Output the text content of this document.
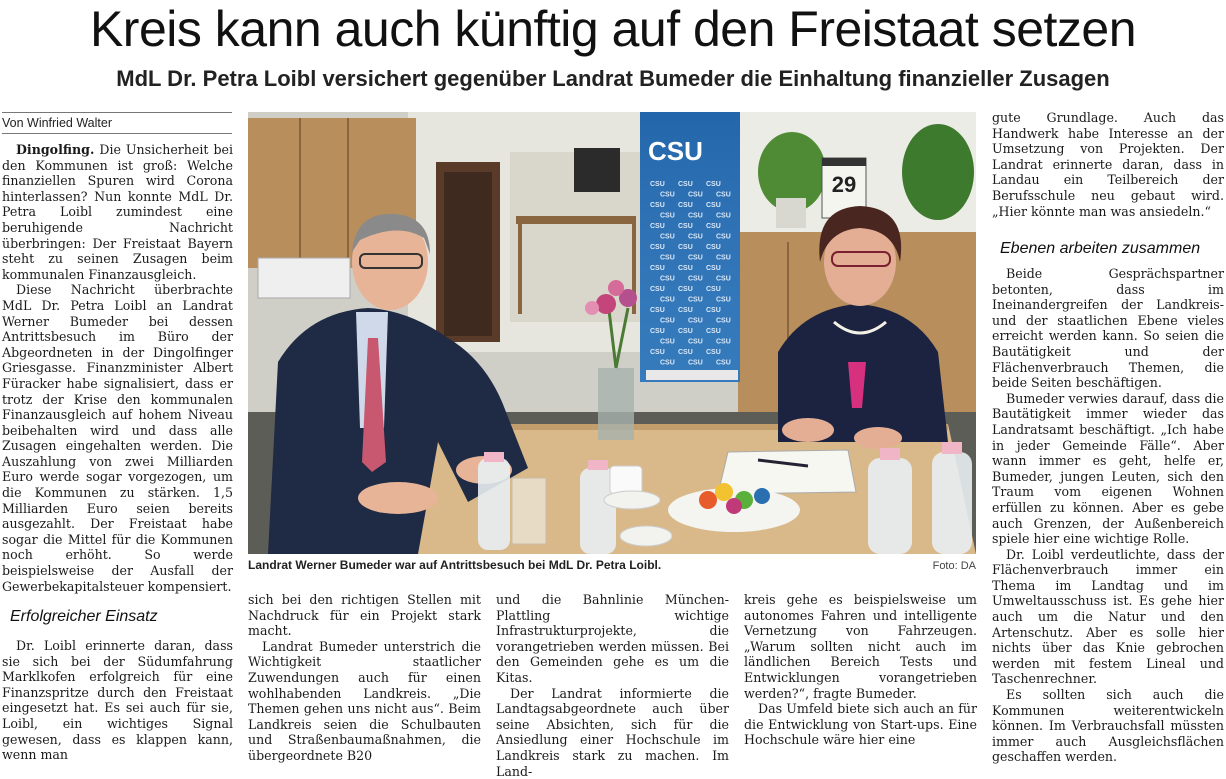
Kreis kann auch künftig auf den Freistaat setzen
MdL Dr. Petra Loibl versichert gegenüber Landrat Bumeder die Einhaltung finanzieller Zusagen
Von Winfried Walter

Dingolfing. Die Unsicherheit bei den Kommunen ist groß: Welche finanziellen Spuren wird Corona hinterlassen? Nun konnte MdL Dr. Petra Loibl zumindest eine beruhigende Nachricht überbringen: Der Freistaat Bayern steht zu seinen Zusagen beim kommunalen Finanzausgleich.

Diese Nachricht überbrachte MdL Dr. Petra Loibl an Landrat Werner Bumeder bei dessen Antrittsbesuch im Büro der Abgeordneten in der Dingolfinger Griesgasse. Finanzminister Albert Füracker habe signalisiert, dass er trotz der Krise den kommunalen Finanzausgleich auf hohem Niveau beibehalten wird und dass alle Zusagen eingehalten werden. Die Auszahlung von zwei Milliarden Euro werde sogar vorgezogen, um die Kommunen zu stärken. 1,5 Milliarden Euro seien bereits ausgezahlt. Der Freistaat habe sogar die Mittel für die Kommunen noch erhöht. So werde beispielsweise der Ausfall der Gewerbekapitalsteuer kompensiert.

Erfolgreicher Einsatz

Dr. Loibl erinnerte daran, dass sie sich bei der Südumfahrung Marklkofen erfolgreich für eine Finanzspritze durch den Freistaat eingesetzt hat. Es sei auch für sie, Loibl, ein wichtiges Signal gewesen, dass es klappen kann, wenn man

CSU
CSU CSU CSU
CSU CSU CSU
CSU CSU CSU
CSU CSU CSU
CSU CSU CSU
CSU CSU CSU
CSU CSU CSU
CSU CSU CSU
CSU CSU CSU
CSU CSU CSU
CSU CSU CSU
CSU CSU CSU
CSU CSU CSU
CSU CSU CSU
CSU CSU CSU
CSU CSU CSU
CSU CSU CSU
CSU CSU CSU
29
Landrat Werner Bumeder war auf Antrittsbesuch bei MdL Dr. Petra Loibl.	Foto: DA

sich bei den richtigen Stellen mit Nachdruck für ein Projekt stark macht.

Landrat Bumeder unterstrich die Wichtigkeit staatlicher Zuwendungen auch für einen wohlhabenden Landkreis. „Die Themen gehen uns nicht aus“. Beim Landkreis seien die Schulbauten und Straßenbaumaßnahmen, die übergeordnete B20

und die Bahnlinie München-Plattling wichtige Infrastrukturprojekte, die vorangetrieben werden müssen. Bei den Gemeinden gehe es um die Kitas.

Der Landrat informierte die Landtagsabgeordnete auch über seine Absichten, sich für die Ansiedlung einer Hochschule im Landkreis stark zu machen. Im Land-

kreis gehe es beispielsweise um autonomes Fahren und intelligente Vernetzung von Fahrzeugen. „Warum sollten nicht auch im ländlichen Bereich Tests und Entwicklungen vorangetrieben werden?“, fragte Bumeder.

Das Umfeld biete sich auch an für die Entwicklung von Start-ups. Eine Hochschule wäre hier eine

gute Grundlage. Auch das Handwerk habe Interesse an der Umsetzung von Projekten. Der Landrat erinnerte daran, dass in Landau ein Teilbereich der Berufsschule neu gebaut wird. „Hier könnte man was ansiedeln.“

Ebenen arbeiten zusammen

Beide Gesprächspartner betonten, dass im Ineinandergreifen der Landkreis- und der staatlichen Ebene vieles erreicht werden kann. So seien die Bautätigkeit und der Flächenverbrauch Themen, die beide Seiten beschäftigen.

Bumeder verwies darauf, dass die Bautätigkeit immer wieder das Landratsamt beschäftigt. „Ich habe in jeder Gemeinde Fälle“. Aber wann immer es geht, helfe er, Bumeder, jungen Leuten, sich den Traum vom eigenen Wohnen erfüllen zu können. Aber es gebe auch Grenzen, der Außenbereich spiele hier eine wichtige Rolle.

Dr. Loibl verdeutlichte, dass der Flächenverbrauch immer ein Thema im Landtag und im Umweltausschuss ist. Es gehe hier auch um die Natur und den Artenschutz. Aber es solle hier nichts über das Knie gebrochen werden mit festem Lineal und Taschenrechner.

Es sollten sich auch die Kommunen weiterentwickeln können. Im Verbrauchsfall müssten immer auch Ausgleichsflächen geschaffen werden.
